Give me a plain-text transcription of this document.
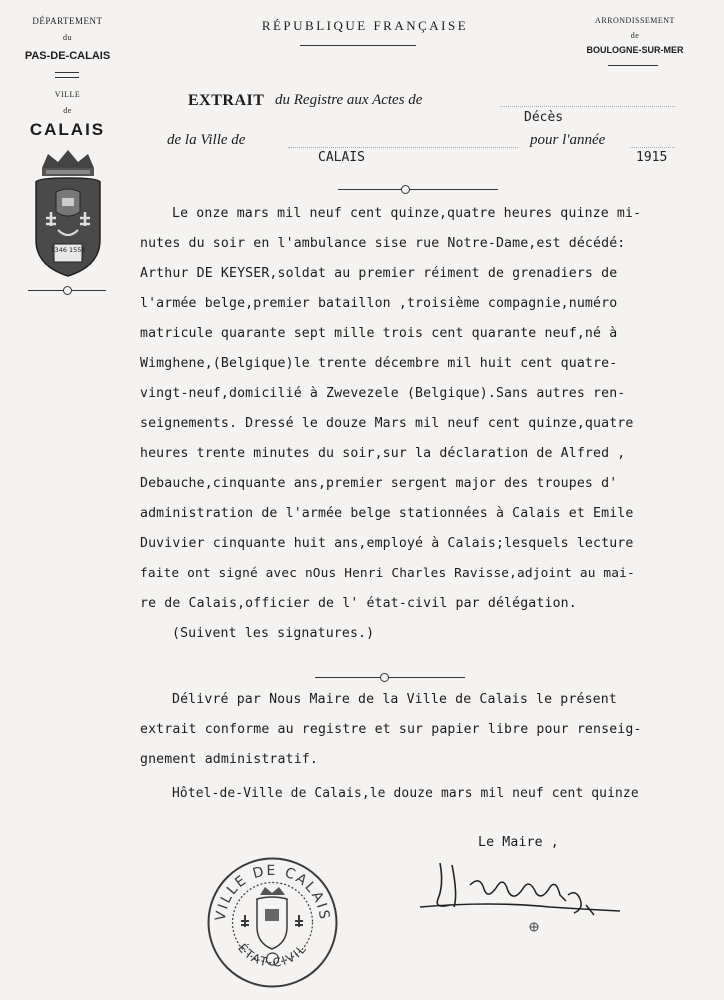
DÉPARTEMENT
du
PAS-DE-CALAIS
VILLE
de
CALAIS
1346 1558
RÉPUBLIQUE FRANÇAISE	ARRONDISSEMENT
de
BOULOGNE-SUR-MER
EXTRAIT du Registre aux Actes de
Décès
de la Ville de
CALAIS
pour l'année
1915
Le onze mars mil neuf cent quinze,quatre heures quinze mi-
nutes du soir en l'ambulance sise rue Notre-Dame,est décédé:
Arthur DE KEYSER,soldat au premier réiment de grenadiers de
l'armée belge,premier bataillon ,troisième compagnie,numéro
matricule quarante sept mille trois cent quarante neuf,né à
Wimghene,(Belgique)le trente décembre mil huit cent quatre-
vingt-neuf,domicilié à Zwevezele (Belgique).Sans autres ren-
seignements. Dressé le douze Mars mil neuf cent quinze,quatre
heures trente minutes du soir,sur la déclaration de Alfred ,
Debauche,cinquante ans,premier sergent major des troupes d'
administration de l'armée belge stationnées à Calais et Emile
Duvivier cinquante huit ans,employé à Calais;lesquels lecture
faite ont signé avec nOus Henri Charles Ravisse,adjoint au mai-
re de Calais,officier de l' état-civil par délégation.
(Suivent les signatures.)
Délivré par Nous Maire de la Ville de Calais le présent
extrait conforme au registre et sur papier libre pour renseig-
gnement administratif.
Hôtel-de-Ville de Calais,le douze mars mil neuf cent quinze
Le Maire ,
VILLE DE CALAIS
ÉTAT-CIVIL
